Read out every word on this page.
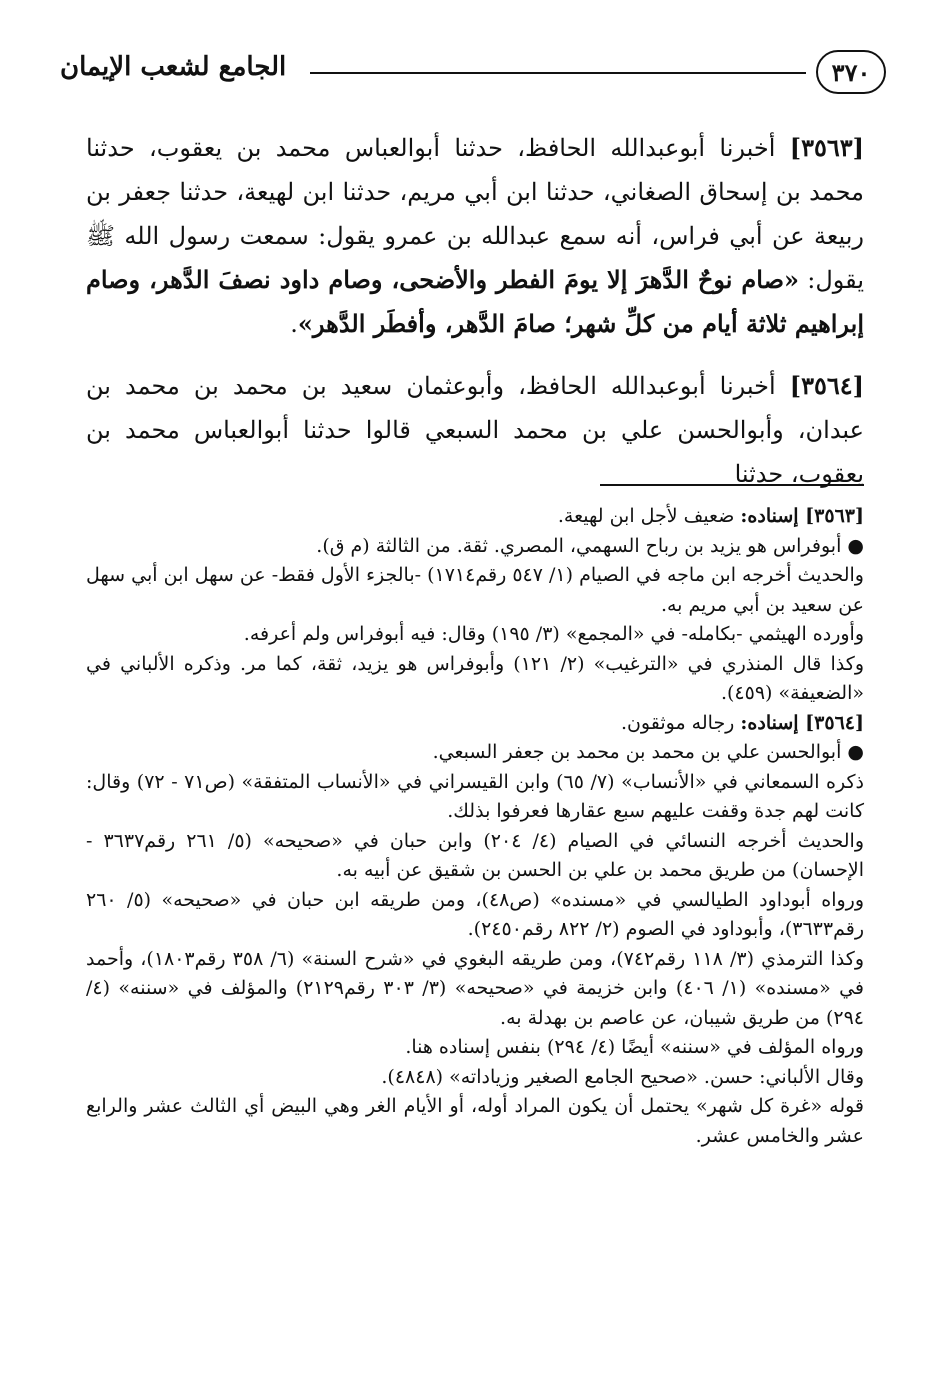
٣٧٠
الجامع لشعب الإيمان

[٣٥٦٣] أخبرنا أبوعبدالله الحافظ، حدثنا أبوالعباس محمد بن يعقوب، حدثنا محمد بن إسحاق الصغاني، حدثنا ابن أبي مريم، حدثنا ابن لهيعة، حدثنا جعفر بن ربيعة عن أبي فراس، أنه سمع عبدالله بن عمرو يقول: سمعت رسول الله ﷺ يقول: «صام نوحٌ الدَّهرَ إلا يومَ الفطر والأضحى، وصام داود نصفَ الدَّهر، وصام إبراهيم ثلاثة أيام من كلِّ شهر؛ صامَ الدَّهر، وأفطَر الدَّهر».

[٣٥٦٤] أخبرنا أبوعبدالله الحافظ، وأبوعثمان سعيد بن محمد بن محمد بن عبدان، وأبوالحسن علي بن محمد السبعي قالوا حدثنا أبوالعباس محمد بن يعقوب، حدثنا

[٣٥٦٣] إسناده: ضعيف لأجل ابن لهيعة.

● أبوفراس هو يزيد بن رباح السهمي، المصري. ثقة. من الثالثة (م ق).

والحديث أخرجه ابن ماجه في الصيام (١/ ٥٤٧ رقم١٧١٤) -بالجزء الأول فقط- عن سهل ابن أبي سهل عن سعيد بن أبي مريم به.

وأورده الهيثمي -بكامله- في «المجمع» (٣/ ١٩٥) وقال: فيه أبوفراس ولم أعرفه.

وكذا قال المنذري في «الترغيب» (٢/ ١٢١) وأبوفراس هو يزيد، ثقة، كما مر. وذكره الألباني في «الضعيفة» (٤٥٩).

[٣٥٦٤] إسناده: رجاله موثقون.

● أبوالحسن علي بن محمد بن محمد بن جعفر السبعي.

ذكره السمعاني في «الأنساب» (٧/ ٦٥) وابن القيسراني في «الأنساب المتفقة» (ص٧١ - ٧٢) وقال: كانت لهم جدة وقفت عليهم سبع عقارها فعرفوا بذلك.

والحديث أخرجه النسائي في الصيام (٤/ ٢٠٤) وابن حبان في «صحيحه» (٥/ ٢٦١ رقم٣٦٣٧ - الإحسان) من طريق محمد بن علي بن الحسن بن شقيق عن أبيه به.

ورواه أبوداود الطيالسي في «مسنده» (ص٤٨)، ومن طريقه ابن حبان في «صحيحه» (٥/ ٢٦٠ رقم٣٦٣٣)، وأبوداود في الصوم (٢/ ٨٢٢ رقم٢٤٥٠).

وكذا الترمذي (٣/ ١١٨ رقم٧٤٢)، ومن طريقه البغوي في «شرح السنة» (٦/ ٣٥٨ رقم١٨٠٣)، وأحمد في «مسنده» (١/ ٤٠٦) وابن خزيمة في «صحيحه» (٣/ ٣٠٣ رقم٢١٢٩) والمؤلف في «سننه» (٤/ ٢٩٤) من طريق شيبان، عن عاصم بن بهدلة به.

ورواه المؤلف في «سننه» أيضًا (٤/ ٢٩٤) بنفس إسناده هنا.

وقال الألباني: حسن. «صحيح الجامع الصغير وزياداته» (٤٨٤٨).

قوله «غرة كل شهر» يحتمل أن يكون المراد أوله، أو الأيام الغر وهي البيض أي الثالث عشر والرابع عشر والخامس عشر.
